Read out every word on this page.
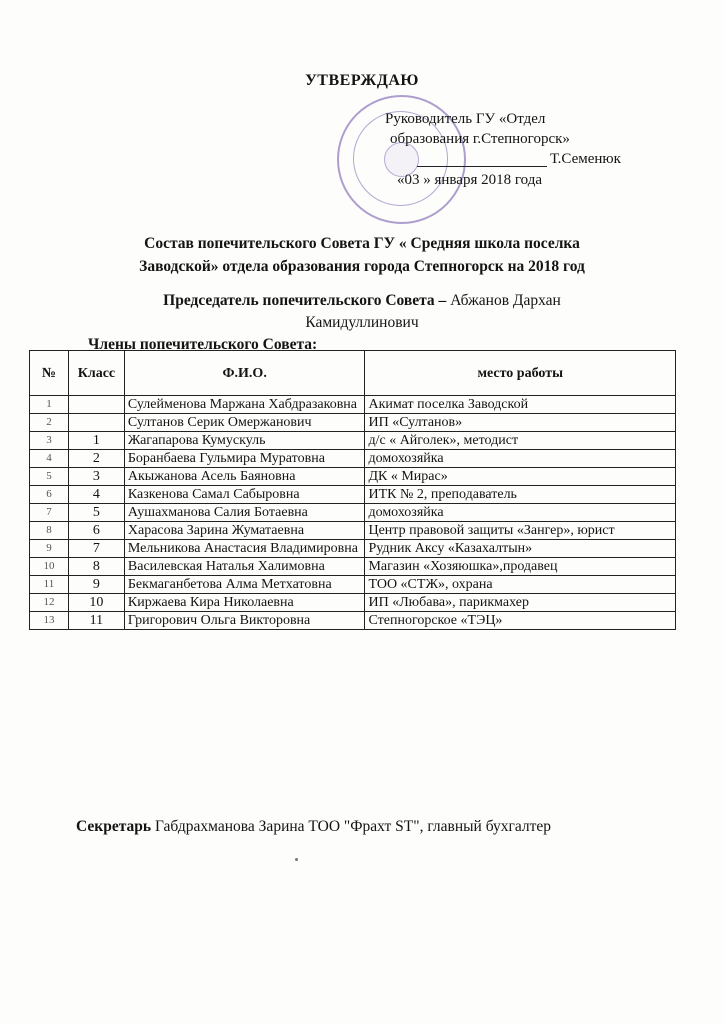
УТВЕРЖДАЮ
Руководитель ГУ «Отдел
образования г.Степногорск»
Т.Семенюк
«03 » января 2018 года
Состав попечительского Совета ГУ « Средняя школа поселка
Заводской» отдела образования города Степногорск на 2018 год
Председатель попечительского Совета – Абжанов Дархан
Камидуллинович
Члены попечительского Совета:
№	Класс	Ф.И.О.	место работы
1		Сулейменова Маржана Хабдразаковна	Акимат поселка Заводской
2		Султанов Серик Омержанович	ИП «Султанов»
3	1	Жагапарова Кумускуль	д/с « Айголек», методист
4	2	Боранбаева Гульмира Муратовна	домохозяйка
5	3	Акыжанова Асель Баяновна	ДК « Мирас»
6	4	Казкенова Самал Сабыровна	ИТК № 2, преподаватель
7	5	Аушахманова Салия Ботаевна	домохозяйка
8	6	Харасова Зарина Жуматаевна	Центр правовой защиты «Зангер», юрист
9	7	Мельникова Анастасия Владимировна	Рудник Аксу «Казахалтын»
10	8	Василевская Наталья Халимовна	Магазин «Хозяюшка»,продавец
11	9	Бекмаганбетова Алма Метхатовна	ТОО «СТЖ», охрана
12	10	Киржаева Кира Николаевна	ИП «Любава», парикмахер
13	11	Григорович Ольга Викторовна	Степногорское «ТЭЦ»
Секретарь Габдрахманова Зарина ТОО "Фрахт ST", главный бухгалтер
